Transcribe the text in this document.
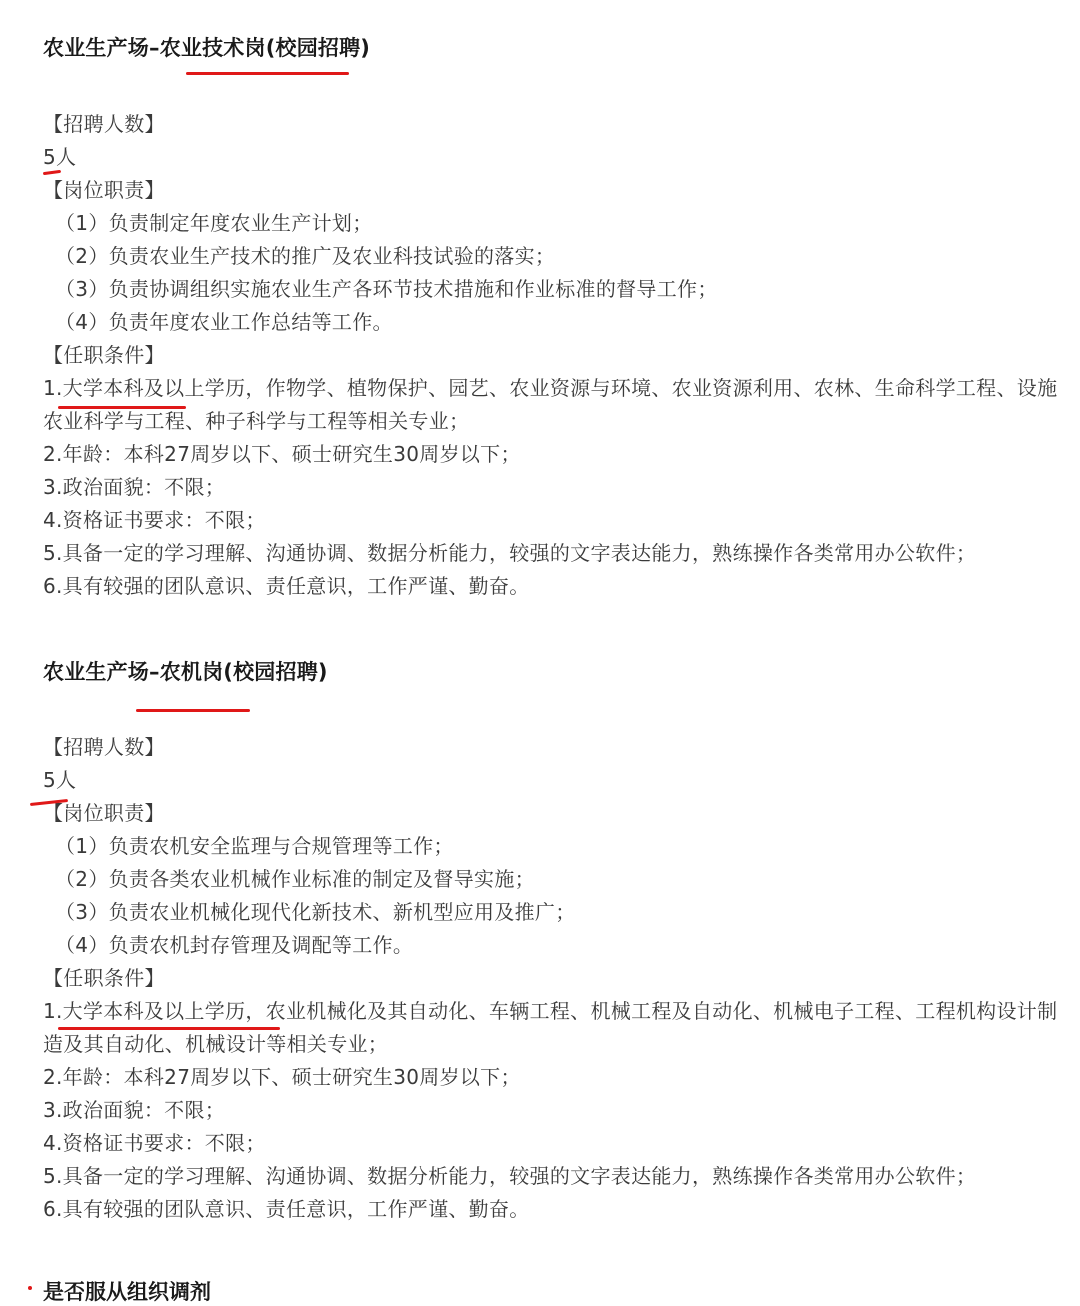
农业生产场–农业技术岗(校园招聘)
【招聘人数】
5人
【岗位职责】
（1）负责制定年度农业生产计划；
（2）负责农业生产技术的推广及农业科技试验的落实；
（3）负责协调组织实施农业生产各环节技术措施和作业标准的督导工作；
（4）负责年度农业工作总结等工作。
【任职条件】
1.大学本科及以上学历，作物学、植物保护、园艺、农业资源与环境、农业资源利用、农林、生命科学工程、设施农业科学与工程、种子科学与工程等相关专业；
2.年龄：本科27周岁以下、硕士研究生30周岁以下；
3.政治面貌：不限；
4.资格证书要求：不限；
5.具备一定的学习理解、沟通协调、数据分析能力，较强的文字表达能力，熟练操作各类常用办公软件；
6.具有较强的团队意识、责任意识，工作严谨、勤奋。
农业生产场–农机岗(校园招聘)
【招聘人数】
5人
【岗位职责】
（1）负责农机安全监理与合规管理等工作；
（2）负责各类农业机械作业标准的制定及督导实施；
（3）负责农业机械化现代化新技术、新机型应用及推广；
（4）负责农机封存管理及调配等工作。
【任职条件】
1.大学本科及以上学历，农业机械化及其自动化、车辆工程、机械工程及自动化、机械电子工程、工程机构设计制造及其自动化、机械设计等相关专业；
2.年龄：本科27周岁以下、硕士研究生30周岁以下；
3.政治面貌：不限；
4.资格证书要求：不限；
5.具备一定的学习理解、沟通协调、数据分析能力，较强的文字表达能力，熟练操作各类常用办公软件；
6.具有较强的团队意识、责任意识，工作严谨、勤奋。
是否服从组织调剂
